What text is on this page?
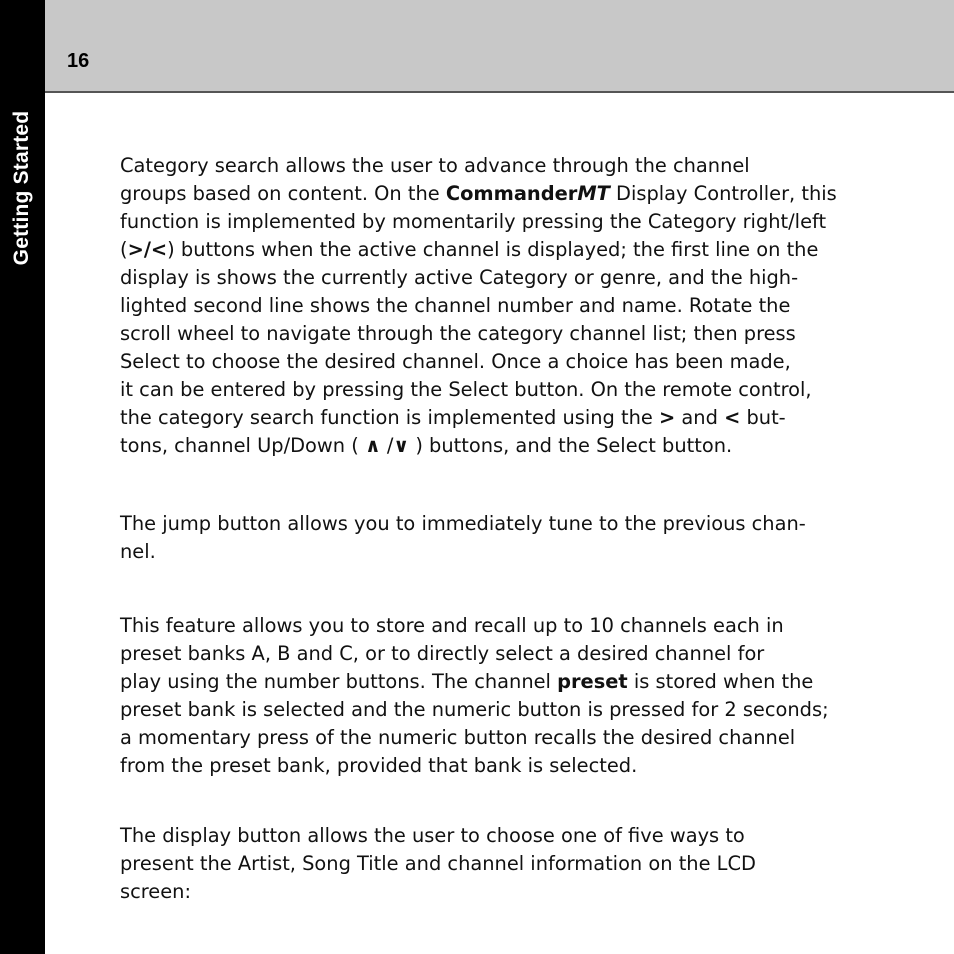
Getting Started
16

Category search allows the user to advance through the channel
groups based on content. On the CommanderMT Display Controller, this
function is implemented by momentarily pressing the Category right/left
(>/<) buttons when the active channel is displayed; the first line on the
display is shows the currently active Category or genre, and the high-
lighted second line shows the channel number and name. Rotate the
scroll wheel to navigate through the category channel list; then press
Select to choose the desired channel. Once a choice has been made,
it can be entered by pressing the Select button. On the remote control,
the category search function is implemented using the > and < but-
tons, channel Up/Down ( ∧ /∨ ) buttons, and the Select button.

The jump button allows you to immediately tune to the previous chan-
nel.

This feature allows you to store and recall up to 10 channels each in
preset banks A, B and C, or to directly select a desired channel for
play using the number buttons. The channel preset is stored when the
preset bank is selected and the numeric button is pressed for 2 seconds;
a momentary press of the numeric button recalls the desired channel
from the preset bank, provided that bank is selected.

The display button allows the user to choose one of five ways to
present the Artist, Song Title and channel information on the LCD
screen:
